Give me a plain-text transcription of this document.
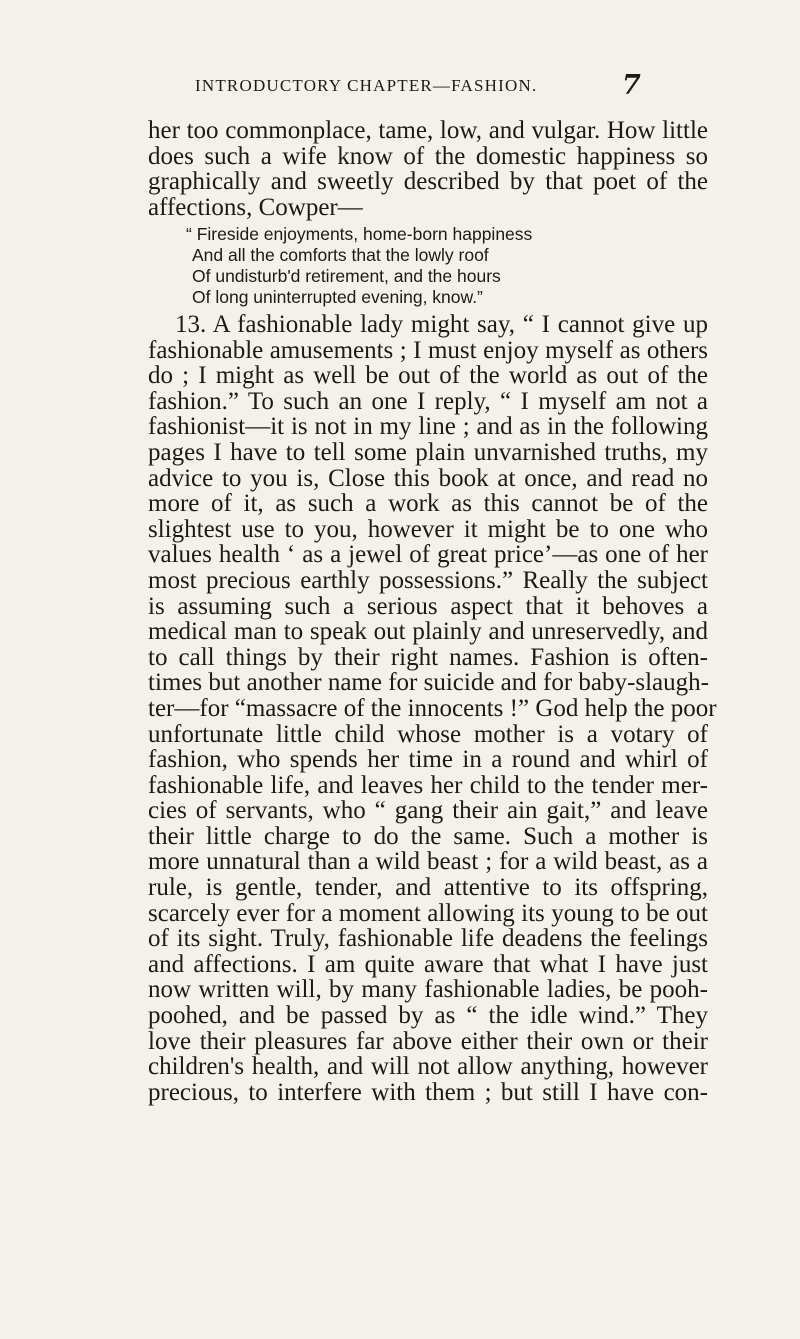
INTRODUCTORY CHAPTER—FASHION.	7
her too commonplace, tame, low, and vulgar. How little
does such a wife know of the domestic happiness so
graphically and sweetly described by that poet of the
affections, Cowper—
“ Fireside enjoyments, home-born happiness
And all the comforts that the lowly roof
Of undisturb'd retirement, and the hours
Of long uninterrupted evening, know.”
13. A fashionable lady might say, “ I cannot give up
fashionable amusements ; I must enjoy myself as others
do ; I might as well be out of the world as out of the
fashion.” To such an one I reply, “ I myself am not a
fashionist—it is not in my line ; and as in the following
pages I have to tell some plain unvarnished truths, my
advice to you is, Close this book at once, and read no
more of it, as such a work as this cannot be of the
slightest use to you, however it might be to one who
values health ‘ as a jewel of great price’—as one of her
most precious earthly possessions.” Really the subject
is assuming such a serious aspect that it behoves a
medical man to speak out plainly and unreservedly, and
to call things by their right names. Fashion is often-
times but another name for suicide and for baby-slaugh-
ter—for “massacre of the innocents !” God help the poor
unfortunate little child whose mother is a votary of
fashion, who spends her time in a round and whirl of
fashionable life, and leaves her child to the tender mer-
cies of servants, who “ gang their ain gait,” and leave
their little charge to do the same. Such a mother is
more unnatural than a wild beast ; for a wild beast, as a
rule, is gentle, tender, and attentive to its offspring,
scarcely ever for a moment allowing its young to be out
of its sight. Truly, fashionable life deadens the feelings
and affections. I am quite aware that what I have just
now written will, by many fashionable ladies, be pooh-
poohed, and be passed by as “ the idle wind.” They
love their pleasures far above either their own or their
children's health, and will not allow anything, however
precious, to interfere with them ; but still I have con-
